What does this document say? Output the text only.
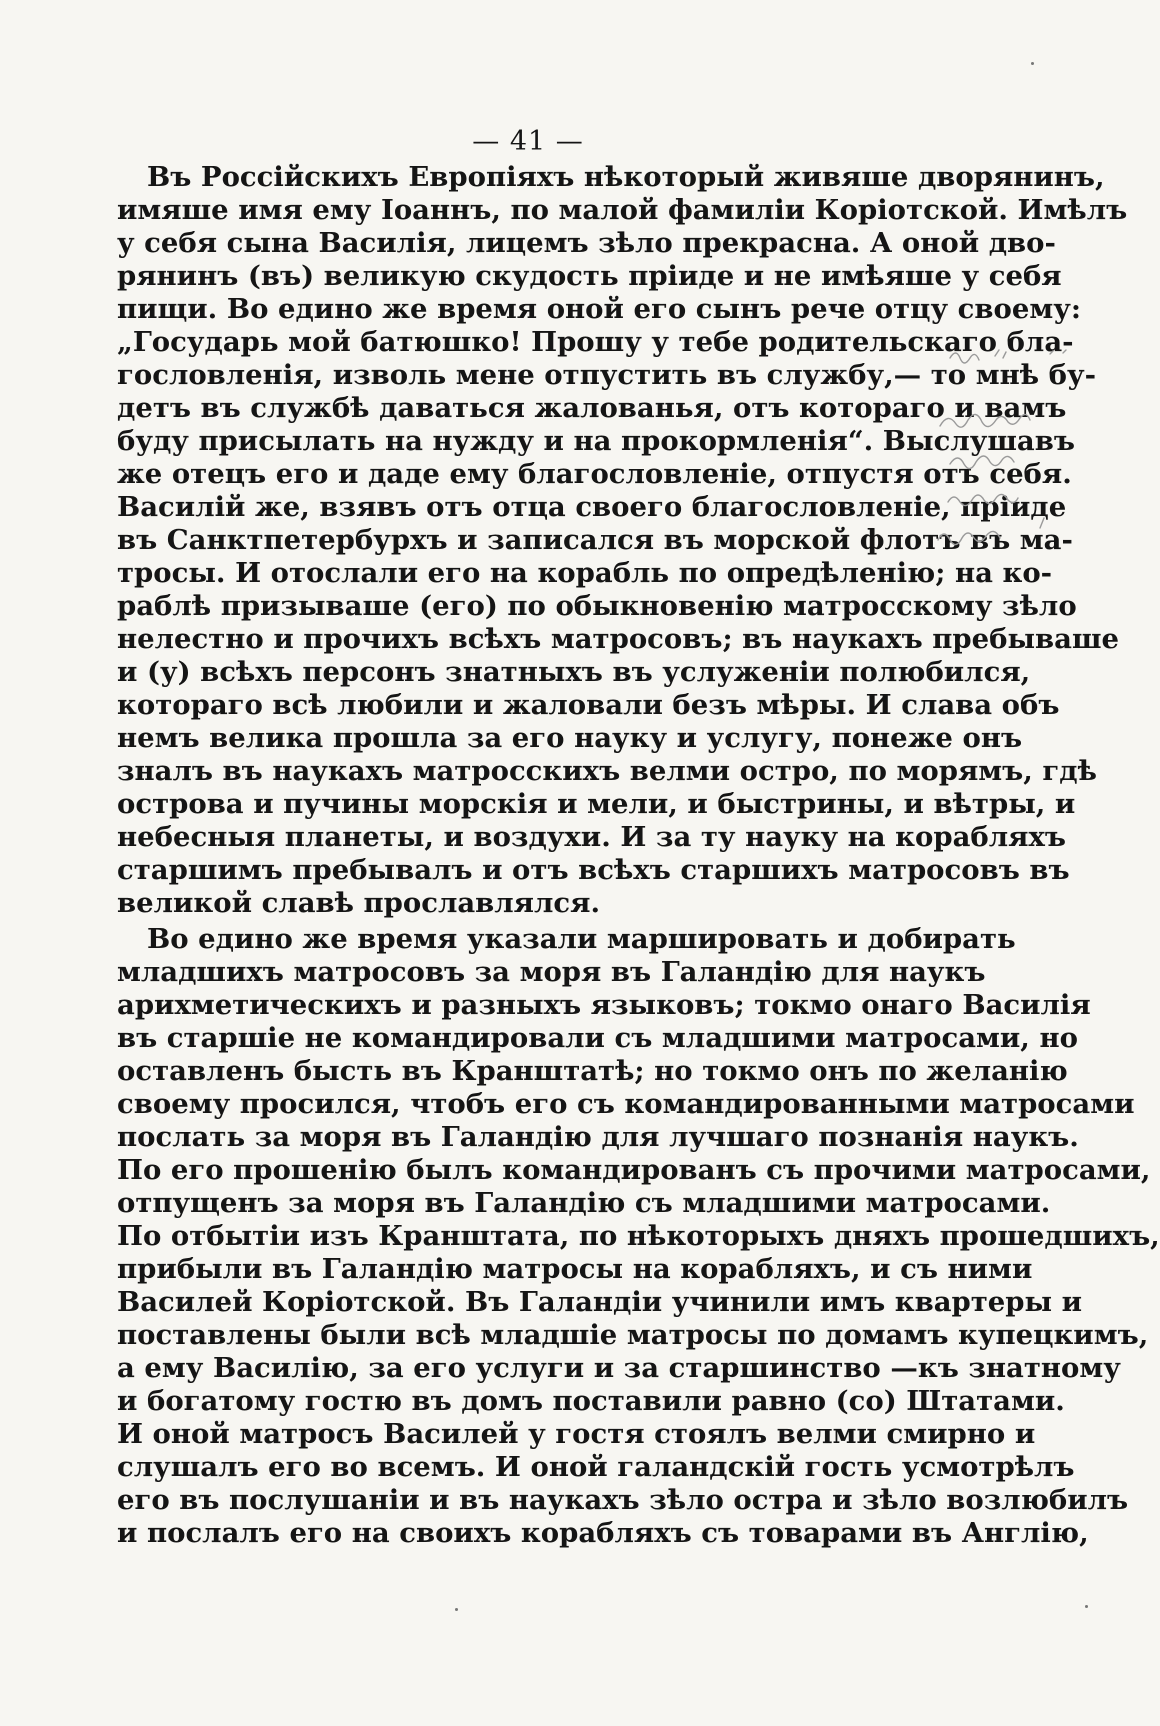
— 41 —
Въ Россійскихъ Европіяхъ нѣкоторый живяше дворянинъ,
имяше имя ему Іоаннъ, по малой фамиліи Коріотской. Имѣлъ
у себя сына Василія, лицемъ зѣло прекрасна. А оной дво-
рянинъ (въ) великую скудость пріиде и не имѣяше у себя
пищи. Во едино же время оной его сынъ рече отцу своему:
„Государь мой батюшко! Прошу у тебе родительскаго бла-
гословленія, изволь мене отпустить въ службу,— то мнѣ бу-
детъ въ службѣ даваться жалованья, отъ котораго и вамъ
буду присылать на нужду и на прокормленія“. Выслушавъ
же отецъ его и даде ему благословленіе, отпустя отъ себя.
Василій же, взявъ отъ отца своего благословленіе, пріиде
въ Санктпетербурхъ и записался въ морской флотъ въ ма-
тросы. И отослали его на корабль по опредѣленію; на ко-
раблѣ призываше (его) по обыкновенію матросскому зѣло
нелестно и прочихъ всѣхъ матросовъ; въ наукахъ пребываше
и (у) всѣхъ персонъ знатныхъ въ услуженіи полюбился,
котораго всѣ любили и жаловали безъ мѣры. И слава объ
немъ велика прошла за его науку и услугу, понеже онъ
зналъ въ наукахъ матросскихъ велми остро, по морямъ, гдѣ
острова и пучины морскія и мели, и быстрины, и вѣтры, и
небесныя планеты, и воздухи. И за ту науку на корабляхъ
старшимъ пребывалъ и отъ всѣхъ старшихъ матросовъ въ
великой славѣ прославлялся.
Во едино же время указали маршировать и добирать
младшихъ матросовъ за моря въ Галандію для наукъ
арихметическихъ и разныхъ языковъ; токмо онаго Василія
въ старшіе не командировали съ младшими матросами, но
оставленъ бысть въ Кранштатѣ; но токмо онъ по желанію
своему просился, чтобъ его съ командированными матросами
послать за моря въ Галандію для лучшаго познанія наукъ.
По его прошенію былъ командированъ съ прочими матросами,
отпущенъ за моря въ Галандію съ младшими матросами.
По отбытіи изъ Кранштата, по нѣкоторыхъ дняхъ прошедшихъ,
прибыли въ Галандію матросы на корабляхъ, и съ ними
Василей Коріотской. Въ Галандіи учинили имъ квартеры и
поставлены были всѣ младшіе матросы по домамъ купецкимъ,
а ему Василію, за его услуги и за старшинство —къ знатному
и богатому гостю въ домъ поставили равно (со) Штатами.
И оной матросъ Василей у гостя стоялъ велми смирно и
слушалъ его во всемъ. И оной галандскій гость усмотрѣлъ
его въ послушаніи и въ наукахъ зѣло остра и зѣло возлюбилъ
и послалъ его на своихъ корабляхъ съ товарами въ Англію,
